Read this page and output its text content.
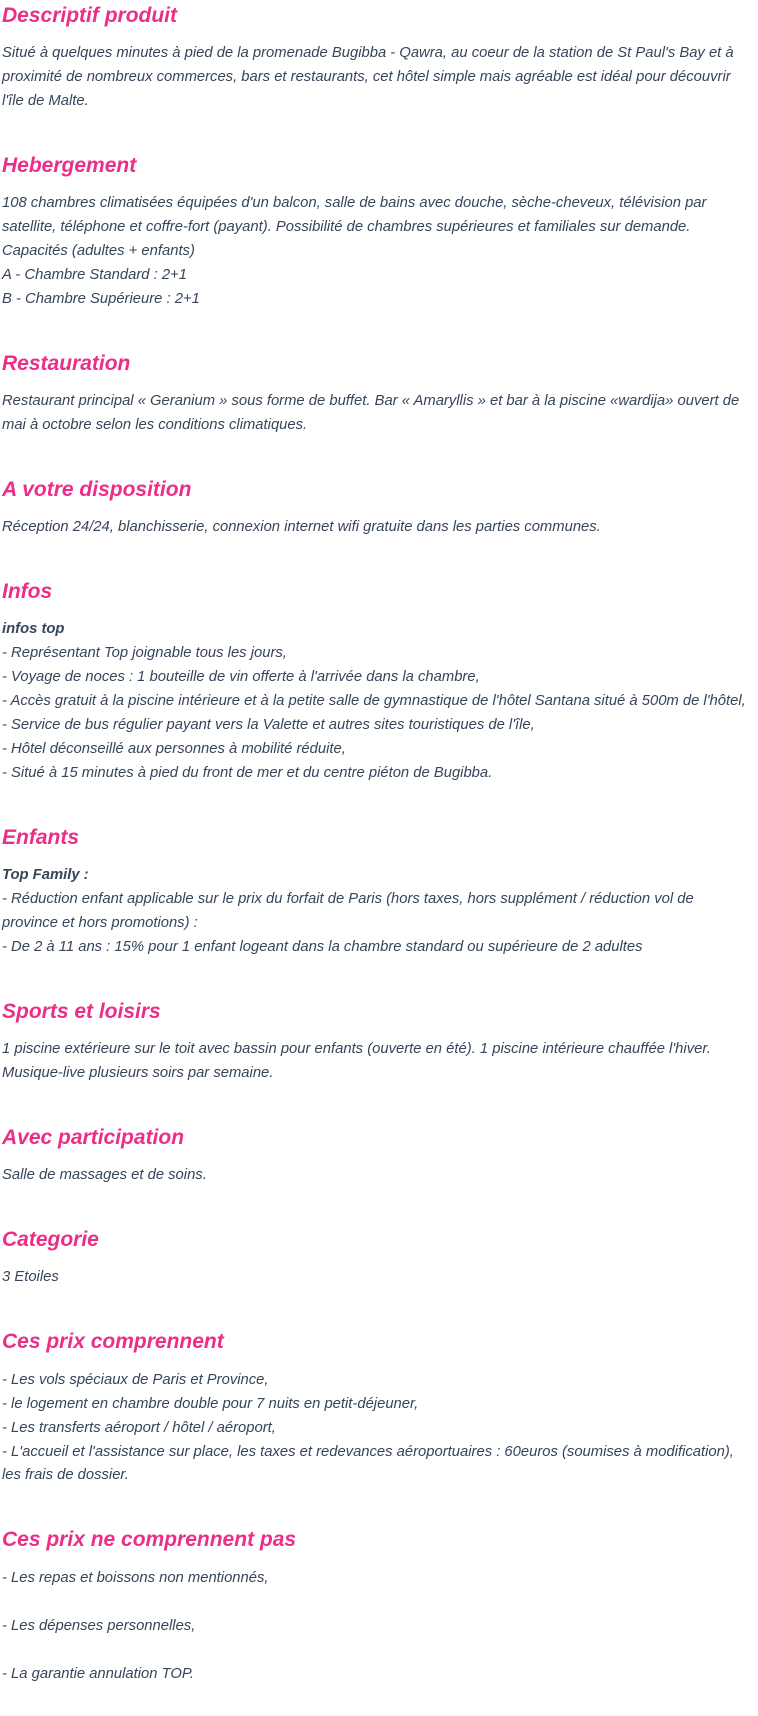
Descriptif produit

Situé à quelques minutes à pied de la promenade Bugibba - Qawra, au coeur de la station de St Paul's Bay et à proximité de nombreux commerces, bars et restaurants, cet hôtel simple mais agréable est idéal pour découvrir l'île de Malte.

Hebergement

108 chambres climatisées équipées d'un balcon, salle de bains avec douche, sèche-cheveux, télévision par satellite, téléphone et coffre-fort (payant). Possibilité de chambres supérieures et familiales sur demande.

Capacités (adultes + enfants)

A - Chambre Standard : 2+1

B - Chambre Supérieure : 2+1

Restauration

Restaurant principal « Geranium » sous forme de buffet. Bar « Amaryllis » et bar à la piscine «wardija» ouvert de mai à octobre selon les conditions climatiques.

A votre disposition

Réception 24/24, blanchisserie, connexion internet wifi gratuite dans les parties communes.

Infos

infos top

- Représentant Top joignable tous les jours,

- Voyage de noces : 1 bouteille de vin offerte à l'arrivée dans la chambre,

- Accès gratuit à la piscine intérieure et à la petite salle de gymnastique de l'hôtel Santana situé à 500m de l'hôtel,

- Service de bus régulier payant vers la Valette et autres sites touristiques de l'île,

- Hôtel déconseillé aux personnes à mobilité réduite,

- Situé à 15 minutes à pied du front de mer et du centre piéton de Bugibba.

Enfants

Top Family :

- Réduction enfant applicable sur le prix du forfait de Paris (hors taxes, hors supplément / réduction vol de province et hors promotions) :

- De 2 à 11 ans : 15% pour 1 enfant logeant dans la chambre standard ou supérieure de 2 adultes

Sports et loisirs

1 piscine extérieure sur le toit avec bassin pour enfants (ouverte en été). 1 piscine intérieure chauffée l'hiver. Musique-live plusieurs soirs par semaine.

Avec participation

Salle de massages et de soins.

Categorie

3 Etoiles

Ces prix comprennent

- Les vols spéciaux de Paris et Province,

- le logement en chambre double pour 7 nuits en petit-déjeuner,

- Les transferts aéroport / hôtel / aéroport,

- L'accueil et l'assistance sur place, les taxes et redevances aéroportuaires : 60euros (soumises à modification), les frais de dossier.

Ces prix ne comprennent pas

- Les repas et boissons non mentionnés,

- Les dépenses personnelles,

- La garantie annulation TOP.
